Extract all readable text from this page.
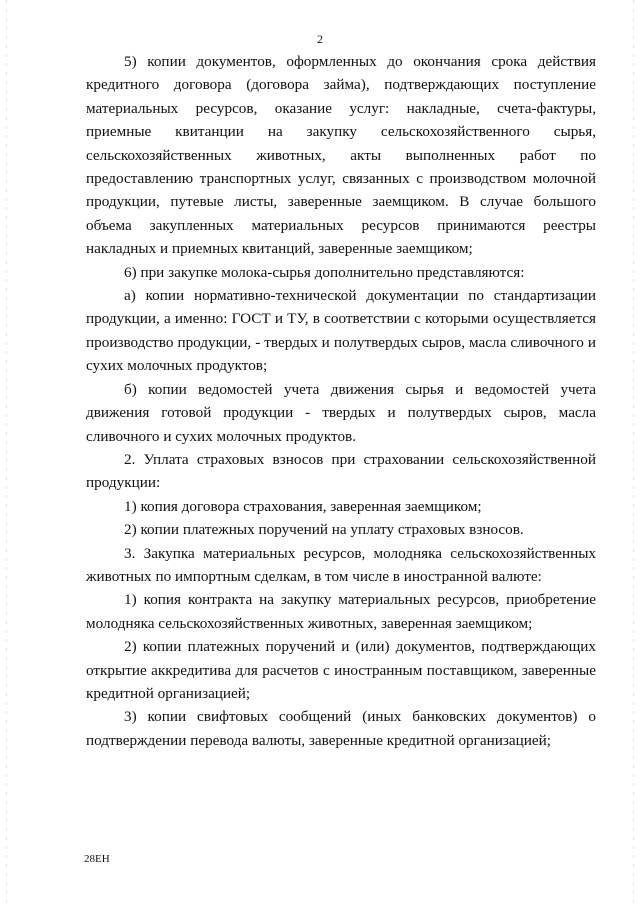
2

5) копии документов, оформленных до окончания срока действия кредитного договора (договора займа), подтверждающих поступление материальных ресурсов, оказание услуг: накладные, счета-фактуры, приемные квитанции на закупку сельскохозяйственного сырья, сельскохозяйственных животных, акты выполненных работ по предоставлению транспортных услуг, связанных с производством молочной продукции, путевые листы, заверенные заемщиком. В случае большого объема закупленных материальных ресурсов принимаются реестры накладных и приемных квитанций, заверенные заемщиком;

6) при закупке молока-сырья дополнительно представляются:

а) копии нормативно-технической документации по стандартизации продукции, а именно: ГОСТ и ТУ, в соответствии с которыми осуществляется производство продукции, - твердых и полутвердых сыров, масла сливочного и сухих молочных продуктов;

б) копии ведомостей учета движения сырья и ведомостей учета движения готовой продукции - твердых и полутвердых сыров, масла сливочного и сухих молочных продуктов.

2. Уплата страховых взносов при страховании сельскохозяйственной продукции:

1) копия договора страхования, заверенная заемщиком;

2) копии платежных поручений на уплату страховых взносов.

3. Закупка материальных ресурсов, молодняка сельскохозяйственных животных по импортным сделкам, в том числе в иностранной валюте:

1) копия контракта на закупку материальных ресурсов, приобретение молодняка сельскохозяйственных животных, заверенная заемщиком;

2) копии платежных поручений и (или) документов, подтверждающих открытие аккредитива для расчетов с иностранным поставщиком, заверенные кредитной организацией;

3) копии свифтовых сообщений (иных банковских документов) о подтверждении перевода валюты, заверенные кредитной организацией;

28ЕН
